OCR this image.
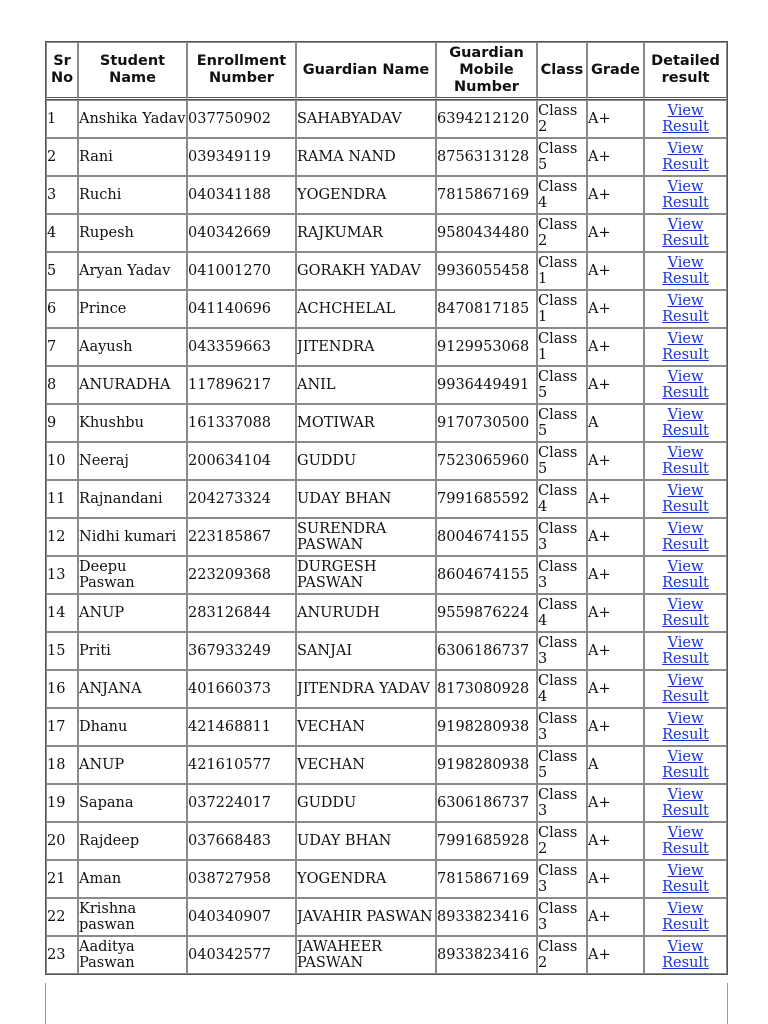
Sr No	Student Name	Enrollment Number	Guardian Name	Guardian Mobile Number	Class	Grade	Detailed result
1	Anshika Yadav	037750902	SAHABYADAV	6394212120	Class 2	A+	View Result
2	Rani	039349119	RAMA NAND	8756313128	Class 5	A+	View Result
3	Ruchi	040341188	YOGENDRA	7815867169	Class 4	A+	View Result
4	Rupesh	040342669	RAJKUMAR	9580434480	Class 2	A+	View Result
5	Aryan Yadav	041001270	GORAKH YADAV	9936055458	Class 1	A+	View Result
6	Prince	041140696	ACHCHELAL	8470817185	Class 1	A+	View Result
7	Aayush	043359663	JITENDRA	9129953068	Class 1	A+	View Result
8	ANURADHA	117896217	ANIL	9936449491	Class 5	A+	View Result
9	Khushbu	161337088	MOTIWAR	9170730500	Class 5	A	View Result
10	Neeraj	200634104	GUDDU	7523065960	Class 5	A+	View Result
11	Rajnandani	204273324	UDAY BHAN	7991685592	Class 4	A+	View Result
12	Nidhi kumari	223185867	SURENDRA PASWAN	8004674155	Class 3	A+	View Result
13	Deepu Paswan	223209368	DURGESH PASWAN	8604674155	Class 3	A+	View Result
14	ANUP	283126844	ANURUDH	9559876224	Class 4	A+	View Result
15	Priti	367933249	SANJAI	6306186737	Class 3	A+	View Result
16	ANJANA	401660373	JITENDRA YADAV	8173080928	Class 4	A+	View Result
17	Dhanu	421468811	VECHAN	9198280938	Class 3	A+	View Result
18	ANUP	421610577	VECHAN	9198280938	Class 5	A	View Result
19	Sapana	037224017	GUDDU	6306186737	Class 3	A+	View Result
20	Rajdeep	037668483	UDAY BHAN	7991685928	Class 2	A+	View Result
21	Aman	038727958	YOGENDRA	7815867169	Class 3	A+	View Result
22	Krishna paswan	040340907	JAVAHIR PASWAN	8933823416	Class 3	A+	View Result
23	Aaditya Paswan	040342577	JAWAHEER PASWAN	8933823416	Class 2	A+	View Result
